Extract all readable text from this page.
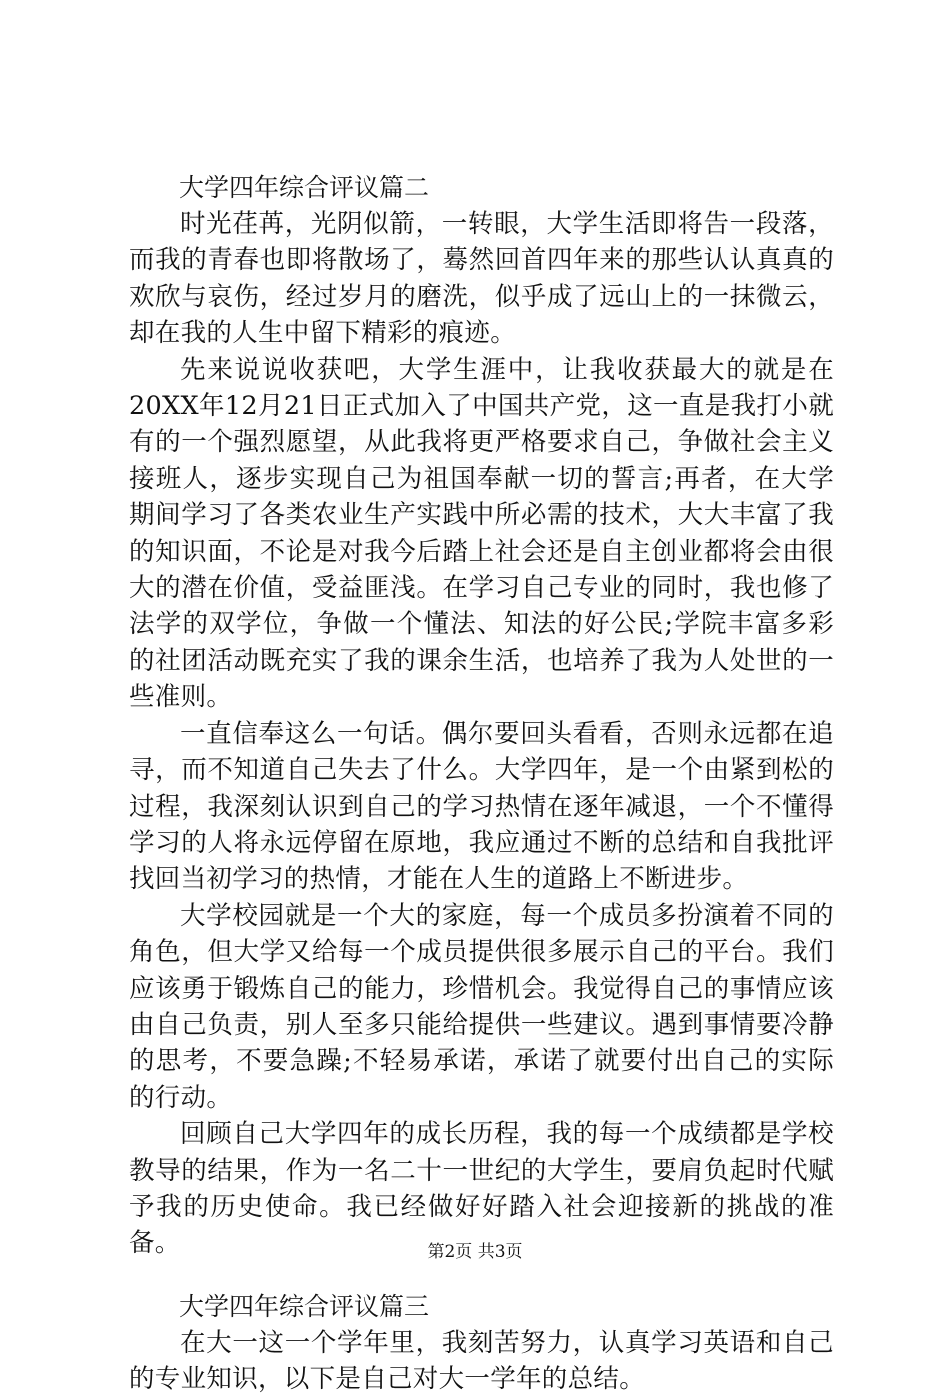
大学四年综合评议篇二

时光荏苒，光阴似箭，一转眼，大学生活即将告一段落，而我的青春也即将散场了，蓦然回首四年来的那些认认真真的欢欣与哀伤，经过岁月的磨洗，似乎成了远山上的一抹微云，却在我的人生中留下精彩的痕迹。

先来说说收获吧，大学生涯中，让我收获最大的就是在20XX年12月21日正式加入了中国共产党，这一直是我打小就有的一个强烈愿望，从此我将更严格要求自己，争做社会主义接班人，逐步实现自己为祖国奉献一切的誓言;再者，在大学期间学习了各类农业生产实践中所必需的技术，大大丰富了我的知识面，不论是对我今后踏上社会还是自主创业都将会由很大的潜在价值，受益匪浅。在学习自己专业的同时，我也修了法学的双学位，争做一个懂法、知法的好公民;学院丰富多彩的社团活动既充实了我的课余生活，也培养了我为人处世的一些准则。

一直信奉这么一句话。偶尔要回头看看，否则永远都在追寻，而不知道自己失去了什么。大学四年，是一个由紧到松的过程，我深刻认识到自己的学习热情在逐年减退，一个不懂得学习的人将永远停留在原地，我应通过不断的总结和自我批评找回当初学习的热情，才能在人生的道路上不断进步。

大学校园就是一个大的家庭，每一个成员多扮演着不同的角色，但大学又给每一个成员提供很多展示自己的平台。我们应该勇于锻炼自己的能力，珍惜机会。我觉得自己的事情应该由自己负责，别人至多只能给提供一些建议。遇到事情要冷静的思考，不要急躁;不轻易承诺，承诺了就要付出自己的实际的行动。

回顾自己大学四年的成长历程，我的每一个成绩都是学校教导的结果，作为一名二十一世纪的大学生，要肩负起时代赋予我的历史使命。我已经做好好踏入社会迎接新的挑战的准备。

大学四年综合评议篇三

在大一这一个学年里，我刻苦努力，认真学习英语和自己的专业知识，以下是自己对大一学年的总结。

第2页 共3页
